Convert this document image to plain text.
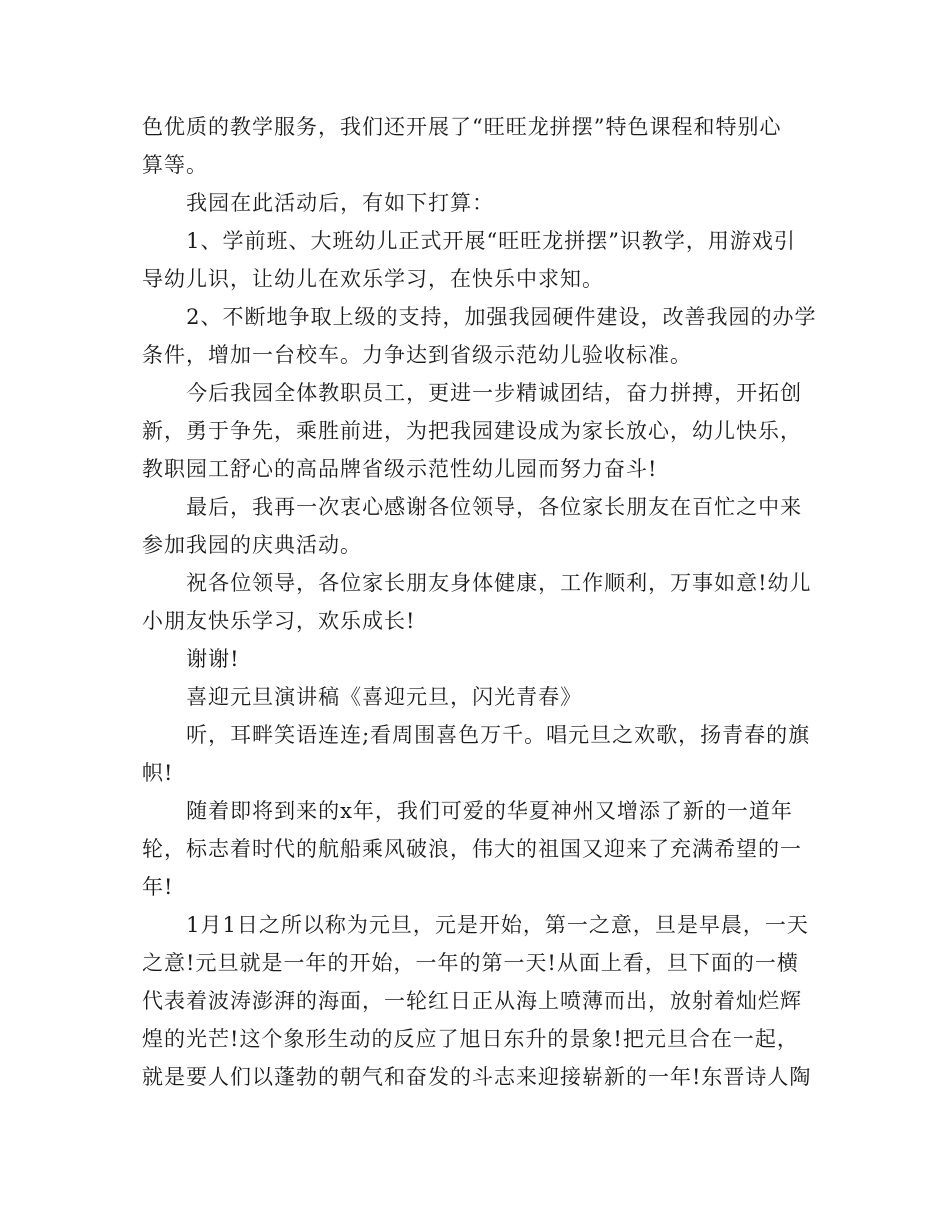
色优质的教学服务，我们还开展了“旺旺龙拼摆”特色课程和特别心
算等。

我园在此活动后，有如下打算：

1、学前班、大班幼儿正式开展“旺旺龙拼摆”识教学，用游戏引
导幼儿识，让幼儿在欢乐学习，在快乐中求知。

2、不断地争取上级的支持，加强我园硬件建设，改善我园的办学
条件，增加一台校车。力争达到省级示范幼儿验收标准。

今后我园全体教职员工，更进一步精诚团结，奋力拼搏，开拓创
新，勇于争先，乘胜前进，为把我园建设成为家长放心，幼儿快乐，
教职园工舒心的高品牌省级示范性幼儿园而努力奋斗!

最后，我再一次衷心感谢各位领导，各位家长朋友在百忙之中来
参加我园的庆典活动。

祝各位领导，各位家长朋友身体健康，工作顺利，万事如意!幼儿
小朋友快乐学习，欢乐成长!

谢谢!

喜迎元旦演讲稿《喜迎元旦，闪光青春》

听，耳畔笑语连连;看周围喜色万千。唱元旦之欢歌，扬青春的旗
帜!

随着即将到来的x年，我们可爱的华夏神州又增添了新的一道年
轮，标志着时代的航船乘风破浪，伟大的祖国又迎来了充满希望的一
年!

1月1日之所以称为元旦，元是开始，第一之意，旦是早晨，一天
之意!元旦就是一年的开始，一年的第一天!从面上看，旦下面的一横
代表着波涛澎湃的海面，一轮红日正从海上喷薄而出，放射着灿烂辉
煌的光芒!这个象形生动的反应了旭日东升的景象!把元旦合在一起，
就是要人们以蓬勃的朝气和奋发的斗志来迎接崭新的一年!东晋诗人陶
